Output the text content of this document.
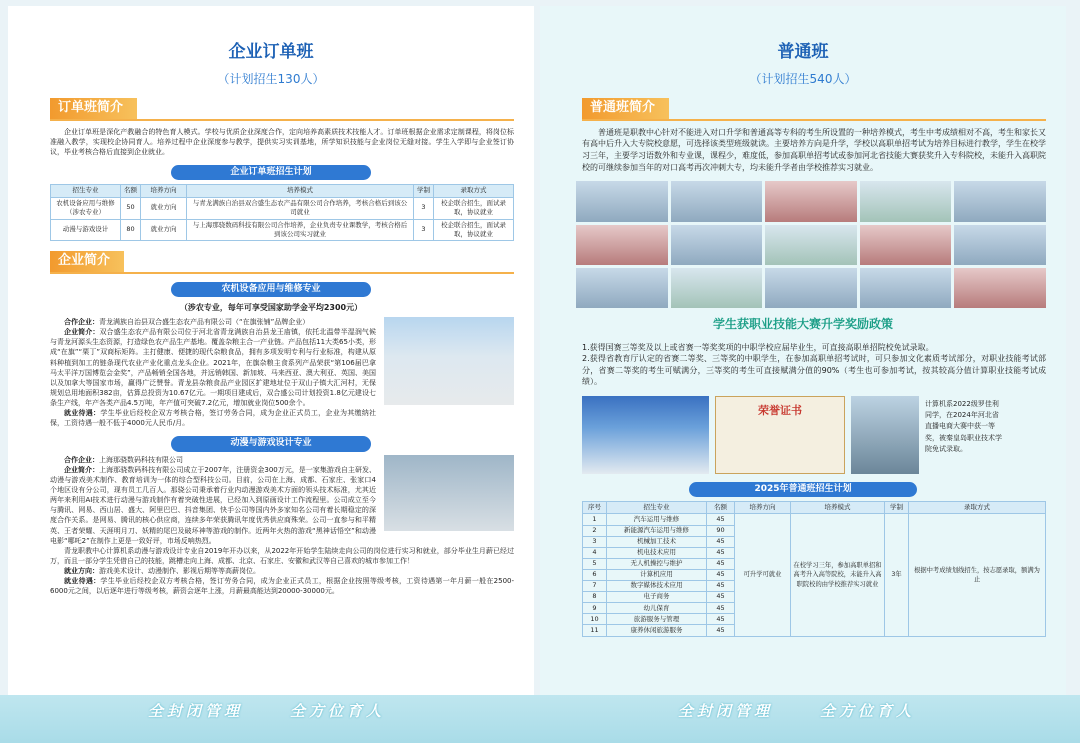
企业订单班
（计划招生130人）
订单班简介

企业订单班是深化产教融合的特色育人模式。学校与优质企业深度合作，定向培养高素质技术技能人才。订单班根据企业需求定制课程，将岗位标准融入教学，实现校企协同育人。培养过程中企业深度参与教学，提供实习实训基地，所学知识技能与企业岗位无缝对接。学生入学即与企业签订协议，毕业考核合格后直接到企业就业。

企业订单班招生计划
招生专业	名额	培养方向	培养模式	学制	录取方式
农机设备应用与维修（涉农专业）	50	就业方向	与青龙满族自治县双合盛生态农产品有限公司合作培养，考核合格后到该公司就业	3	校企联合招生，面试录取，协议就业
动漫与游戏设计	80	就业方向	与上海那骁数码科技有限公司合作培养，企业负责专业课教学，考核合格后到该公司实习就业	3	校企联合招生，面试录取，协议就业
企业简介
农机设备应用与维修专业
（涉农专业，每年可享受国家助学金平均2300元）

合作企业：青龙满族自治县双合盛生态农产品有限公司（“在旗张铺”品牌企业）

企业简介：双合盛生态农产品有限公司位于河北省青龙满族自治县龙王庙镇，依托北温带半湿润气候与青龙河源头生态资源，打造绿色农产品生产基地。覆盖杂粮主合一产业链。产品包括11大类65小类，形成“在旗”“栗丁”双商标矩阵。主打健康、便捷的现代杂粮食品，拥有多项发明专利与行业标准，构建从原料种植到加工的链条现代农业产业化重点龙头企业。2021年，在旗杂粮主食系列产品荣获“第106届巴拿马太平洋万国博览会金奖”，产品畅销全国各地，并远销韩国、新加坡、马来西亚、澳大利亚、英国、美国以及加拿大等国家市场，赢得广泛赞誉。青龙县杂粮食品产业园区扩建地址位于双山子镇大汇河村，无保规划总用地面积382亩，估算总投资为10.67亿元。一期项目建成后，双合盛公司计划投资1.8亿元建设七条生产线，年产各类产品4.5万吨，年产值可突破7.2亿元，增加就业岗位500余个。

就业待遇：学生毕业后经校企双方考核合格，签订劳务合同，成为企业正式员工，企业为其缴纳社保，工资待遇一般不低于4000元人民币/月。

动漫与游戏设计专业

合作企业：上海那骁数码科技有限公司

企业简介：上海那骁数码科技有限公司成立于2007年，注册资金300万元，是一家集游戏自主研发、动漫与游戏美术制作、教育培训为一体的综合型科技公司。目前，公司在上海、成都、石家庄、张家口4个地区设有分公司，现有员工几百人。那骁公司秉承着行业内动漫游戏美术方面的领头技术标准，尤其近两年来利用AI技术进行动漫与游戏制作有着突破性进展，已经加入到原画设计工作流程里。公司成立至今与腾讯、网易、西山居、盛大、阿里巴巴、抖音集团、快手公司等国内外多家知名公司有着长期稳定的深度合作关系。是网易、腾讯的核心供应商，连续多年荣获腾讯年度优秀供应商殊荣。公司一直参与和平精英、王者荣耀、天涯明月刀、妖精的尾巴及破坏神等游戏的制作。近两年火热的游戏“黑神话悟空”和动漫电影“哪吒2”在制作上更是一致好评，市场反响热烈。

青龙职教中心计算机系动漫与游戏设计专业自2019年开办以来，从2022年开始学生陆续走向公司的岗位进行实习和就业，部分毕业生月薪已经过万，而且一部分学生凭借自己的技能，跳槽走向上海、成都、北京、石家庄、安徽和武汉等自己喜欢的城市参加工作！

就业方向：游戏美术设计、动漫制作、影视后期等等高薪岗位。

就业待遇：学生毕业后经校企双方考核合格，签订劳务合同，成为企业正式员工，根据企业按照等级考核，工资待遇第一年月薪一般在2500-6000元之间，以后逐年进行等级考核，薪资会逐年上涨，月薪最高能达到20000-30000元。

普通班
（计划招生540人）
普通班简介

普通班是职教中心针对不能进入对口升学和普通高等专科的考生所设置的一种培养模式，考生中考成绩相对不高，考生和家长又有高中后升入大专院校意愿，可选择该类型班级就读。主要培养方向是升学，学校以高职单招考试为培养目标进行教学，学生在校学习三年，主要学习语数外和专业课，课程少，难度低，参加高职单招考试或参加河北省技能大赛获奖升入专科院校，未能升入高职院校的可继续参加当年的对口高考再次冲刺大专，均未能升学者由学校推荐实习就业。

学生获职业技能大赛升学奖励政策

1.获得国赛三等奖及以上或省赛一等奖奖项的中职学校应届毕业生，可直接高职单招院校免试录取。

2.获得省教育厅认定的省赛二等奖、三等奖的中职学生，在参加高职单招考试时，可只参加文化素质考试部分，对职业技能考试部分，省赛二等奖的考生可赋满分，三等奖的考生可直接赋满分值的90%（考生也可参加考试，按其较高分值计算职业技能考试成绩）。

荣誉证书	计算机系2022级罗佳利同学，在2024年河北省直播电商大赛中获一等奖，被秦皇岛职业技术学院免试录取。
2025年普通班招生计划
序号	招生专业	名额	培养方向	培养模式	学制	录取方式
1	汽车运用与维修	45	可升学可就业	在校学习三年，参加高职单招和高考升入高等院校，未能升入高职院校的由学校推荐实习就业	3年	根据中考成绩划线招生，按志愿录取，额满为止
2	新能源汽车运用与维修	90				
3	机械加工技术	45				
4	机电技术应用	45				
5	无人机操控与维护	45				
6	计算机应用	45				
7	数字媒体技术应用	45				
8	电子商务	45				
9	幼儿保育	45				
10	旅游服务与管理	45				
11	康养休闲旅游服务	45				
全封闭管理	全方位育人	全封闭管理	全方位育人
